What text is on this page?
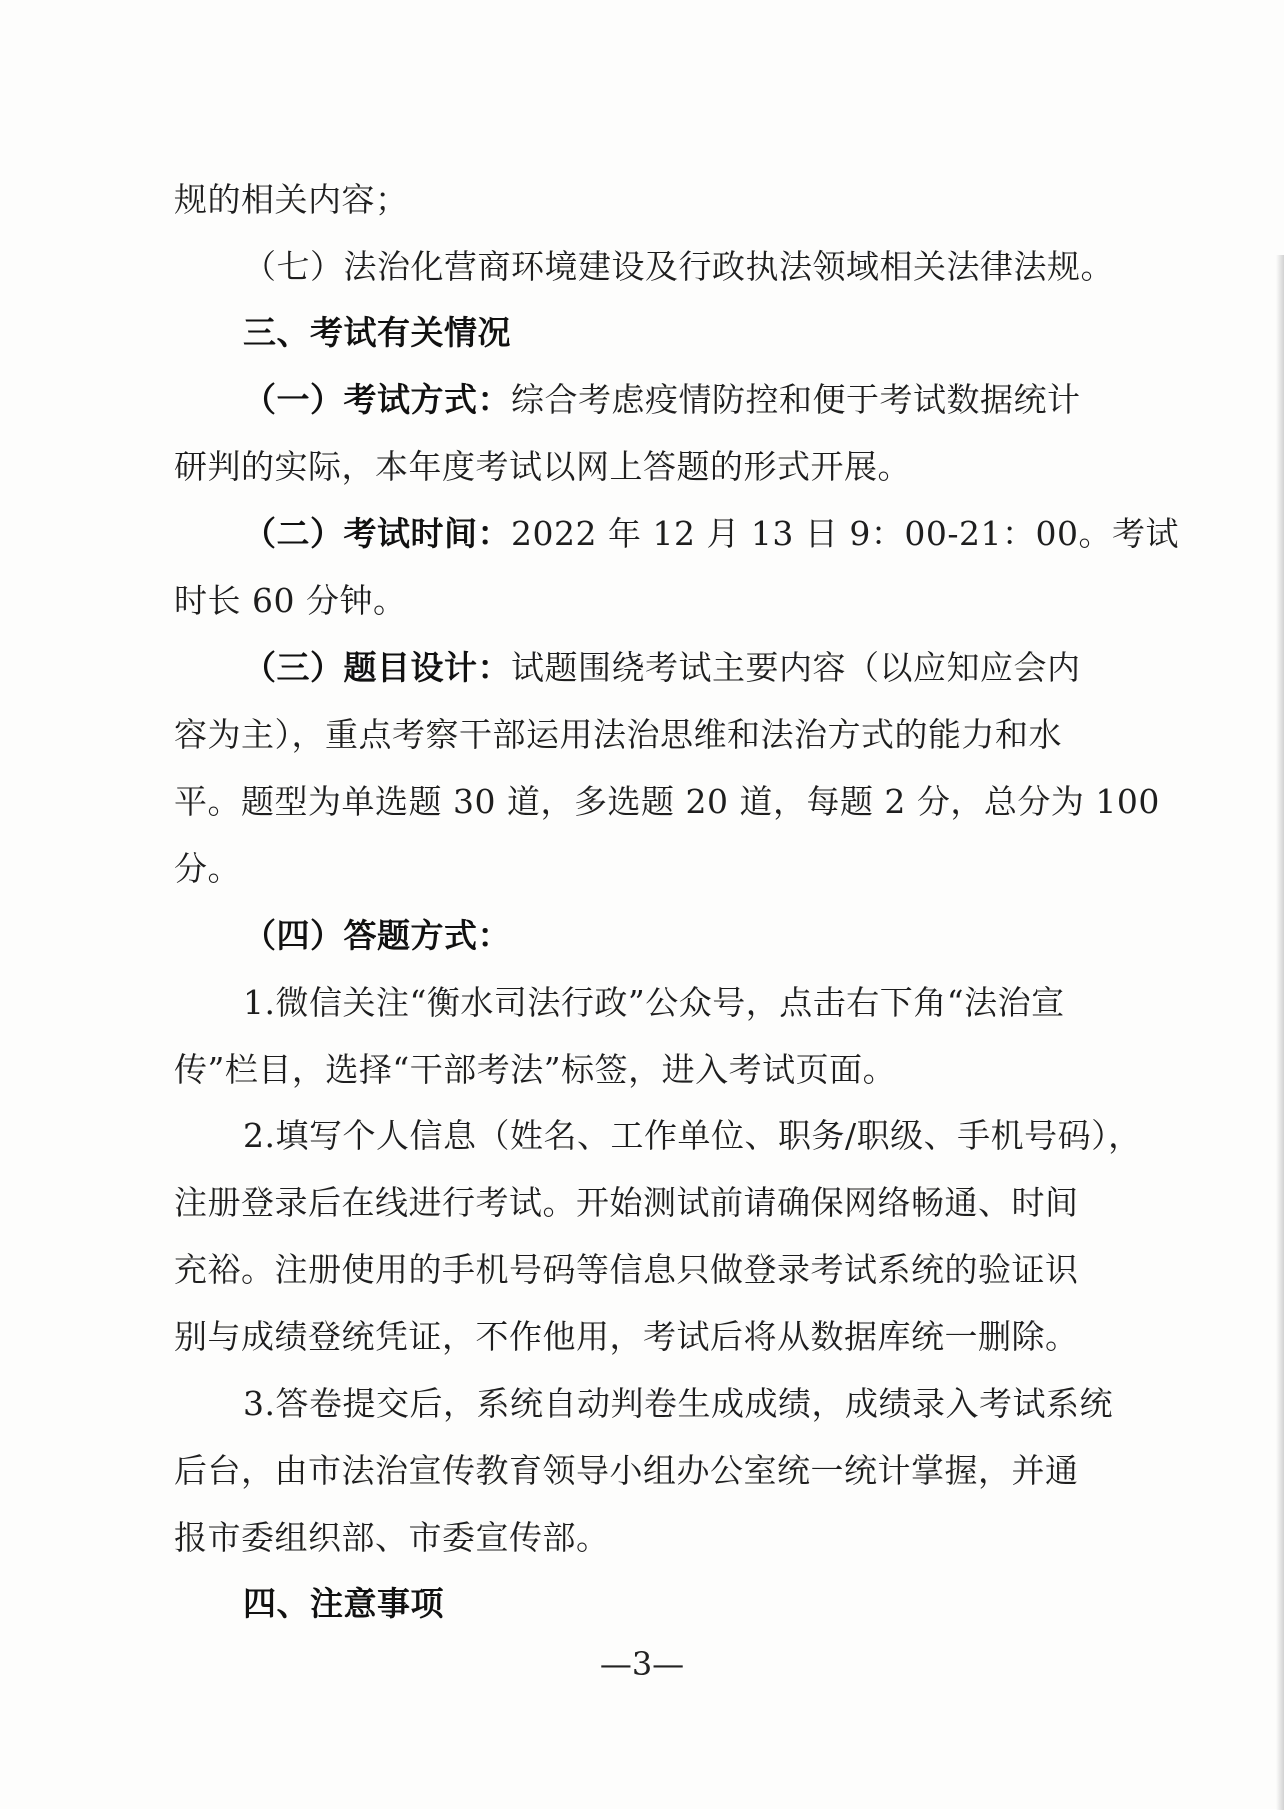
规的相关内容；
（七）法治化营商环境建设及行政执法领域相关法律法规。
三、考试有关情况
（一）考试方式：综合考虑疫情防控和便于考试数据统计
研判的实际，本年度考试以网上答题的形式开展。
（二）考试时间：2022 年 12 月 13 日 9：00-21：00。考试
时长 60 分钟。
（三）题目设计：试题围绕考试主要内容（以应知应会内
容为主），重点考察干部运用法治思维和法治方式的能力和水
平。题型为单选题 30 道，多选题 20 道，每题 2 分，总分为 100
分。
（四）答题方式：
1.微信关注“衡水司法行政”公众号，点击右下角“法治宣
传”栏目，选择“干部考法”标签，进入考试页面。
2.填写个人信息（姓名、工作单位、职务/职级、手机号码），
注册登录后在线进行考试。开始测试前请确保网络畅通、时间
充裕。注册使用的手机号码等信息只做登录考试系统的验证识
别与成绩登统凭证，不作他用，考试后将从数据库统一删除。
3.答卷提交后，系统自动判卷生成成绩，成绩录入考试系统
后台，由市法治宣传教育领导小组办公室统一统计掌握，并通
报市委组织部、市委宣传部。
四、注意事项
—3—
